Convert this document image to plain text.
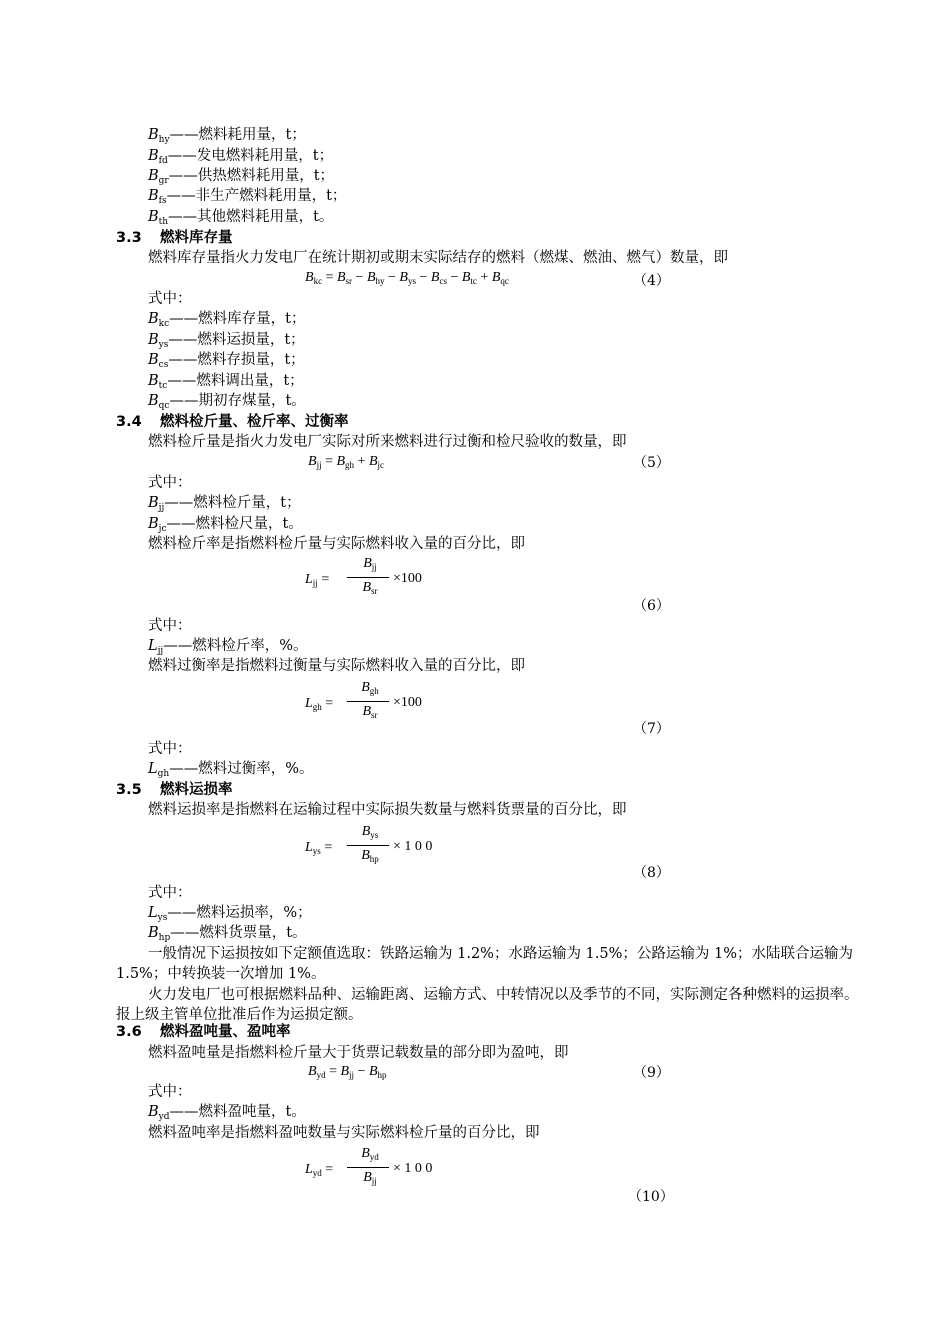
$B_{hy}——$燃料耗用量，t；
$B_{fd}——$发电燃料耗用量，t；
$B_{gr}——$供热燃料耗用量，t；
$B_{fs}——$非生产燃料耗用量，t；
$B_{th}——$其他燃料耗用量，t。
3.3 燃料库存量
燃料库存量指火力发电厂在统计期初或期末实际结存的燃料（燃煤、燃油、燃气）数量，即
$B_{kc} = B_{sr} - B_{hy} - B_{ys} - B_{cs} - B_{tc} + B_{qc}$	（4）
式中：
$B_{kc}——$燃料库存量，t；
$B_{ys}——$燃料运损量，t；
$B_{cs}——$燃料存损量，t；
$B_{tc}——$燃料调出量，t；
$B_{qc}——$期初存煤量，t。
3.4 燃料检斤量、检斤率、过衡率
燃料检斤量是指火力发电厂实际对所来燃料进行过衡和检尺验收的数量，即
$B_{jj} = B_{gh} + B_{jc}$	（5）
式中：
$B_{jj}——$燃料检斤量，t；
$B_{jc}——$燃料检尺量，t。
燃料检斤率是指燃料检斤量与实际燃料收入量的百分比，即
$L_{jj}$ =
$B_{jj}$
$B_{sr}$
×100
（6）
式中：
$L_{jj}——$燃料检斤率，%。
燃料过衡率是指燃料过衡量与实际燃料收入量的百分比，即
$L_{gh}$ =
$B_{gh}$
$B_{sr}$
×100
（7）
式中：
$L_{gh}——$燃料过衡率，%。
3.5 燃料运损率
燃料运损率是指燃料在运输过程中实际损失数量与燃料货票量的百分比，即
$L_{ys}$ =
$B_{ys}$
$B_{hp}$
× 1 0 0
（8）
式中：
$L_{ys}——$燃料运损率，%；
$B_{hp}——$燃料货票量，t。
一般情况下运损按如下定额值选取：铁路运输为 1.2%；水路运输为 1.5%；公路运输为 1%；水陆联合运输为 1.5%；中转换装一次增加 1%。
火力发电厂也可根据燃料品种、运输距离、运输方式、中转情况以及季节的不同，实际测定各种燃料的运损率。报上级主管单位批准后作为运损定额。
3.6 燃料盈吨量、盈吨率
燃料盈吨量是指燃料检斤量大于货票记载数量的部分即为盈吨，即
$B_{yd} = B_{jj} - B_{hp}$	（9）
式中：
$B_{yd}——$燃料盈吨量，t。
燃料盈吨率是指燃料盈吨数量与实际燃料检斤量的百分比，即
$L_{yd}$ =
$B_{yd}$
$B_{jj}$
× 1 0 0
（10）
